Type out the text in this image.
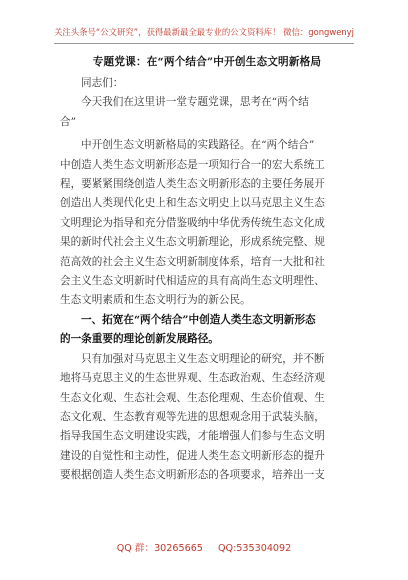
关注头条号“公文研究”，获得最新最全最专业的公文资料库！ 微信：gongwenyj
专题党课：在“两个结合”中开创生态文明新格局
同志们：
今天我们在这里讲一堂专题党课，思考在“两个结
合”
中开创生态文明新格局的实践路径。在“两个结合”
中创造人类生态文明新形态是一项知行合一的宏大系统工
程，要紧紧围绕创造人类生态文明新形态的主要任务展开
创造出人类现代化史上和生态文明史上以马克思主义生态
文明理论为指导和充分借鉴吸纳中华优秀传统生态文化成
果的新时代社会主义生态文明新理论，形成系统完整、规
范高效的社会主义生态文明新制度体系，培育一大批和社
会主义生态文明新时代相适应的具有高尚生态文明理性、
生态文明素质和生态文明行为的新公民。
一、拓宽在“两个结合”中创造人类生态文明新形态
的一条重要的理论创新发展路径。
只有加强对马克思主义生态文明理论的研究，并不断
地将马克思主义的生态世界观、生态政治观、生态经济观
生态文化观、生态社会观、生态伦理观、生态价值观、生
态文化观、生态教育观等先进的思想观念用于武装头脑，
指导我国生态文明建设实践，才能增强人们参与生态文明
建设的自觉性和主动性，促进人类生态文明新形态的提升
要根据创造人类生态文明新形态的各项要求，培养出一支
QQ 群：30265665 QQ:535304092
